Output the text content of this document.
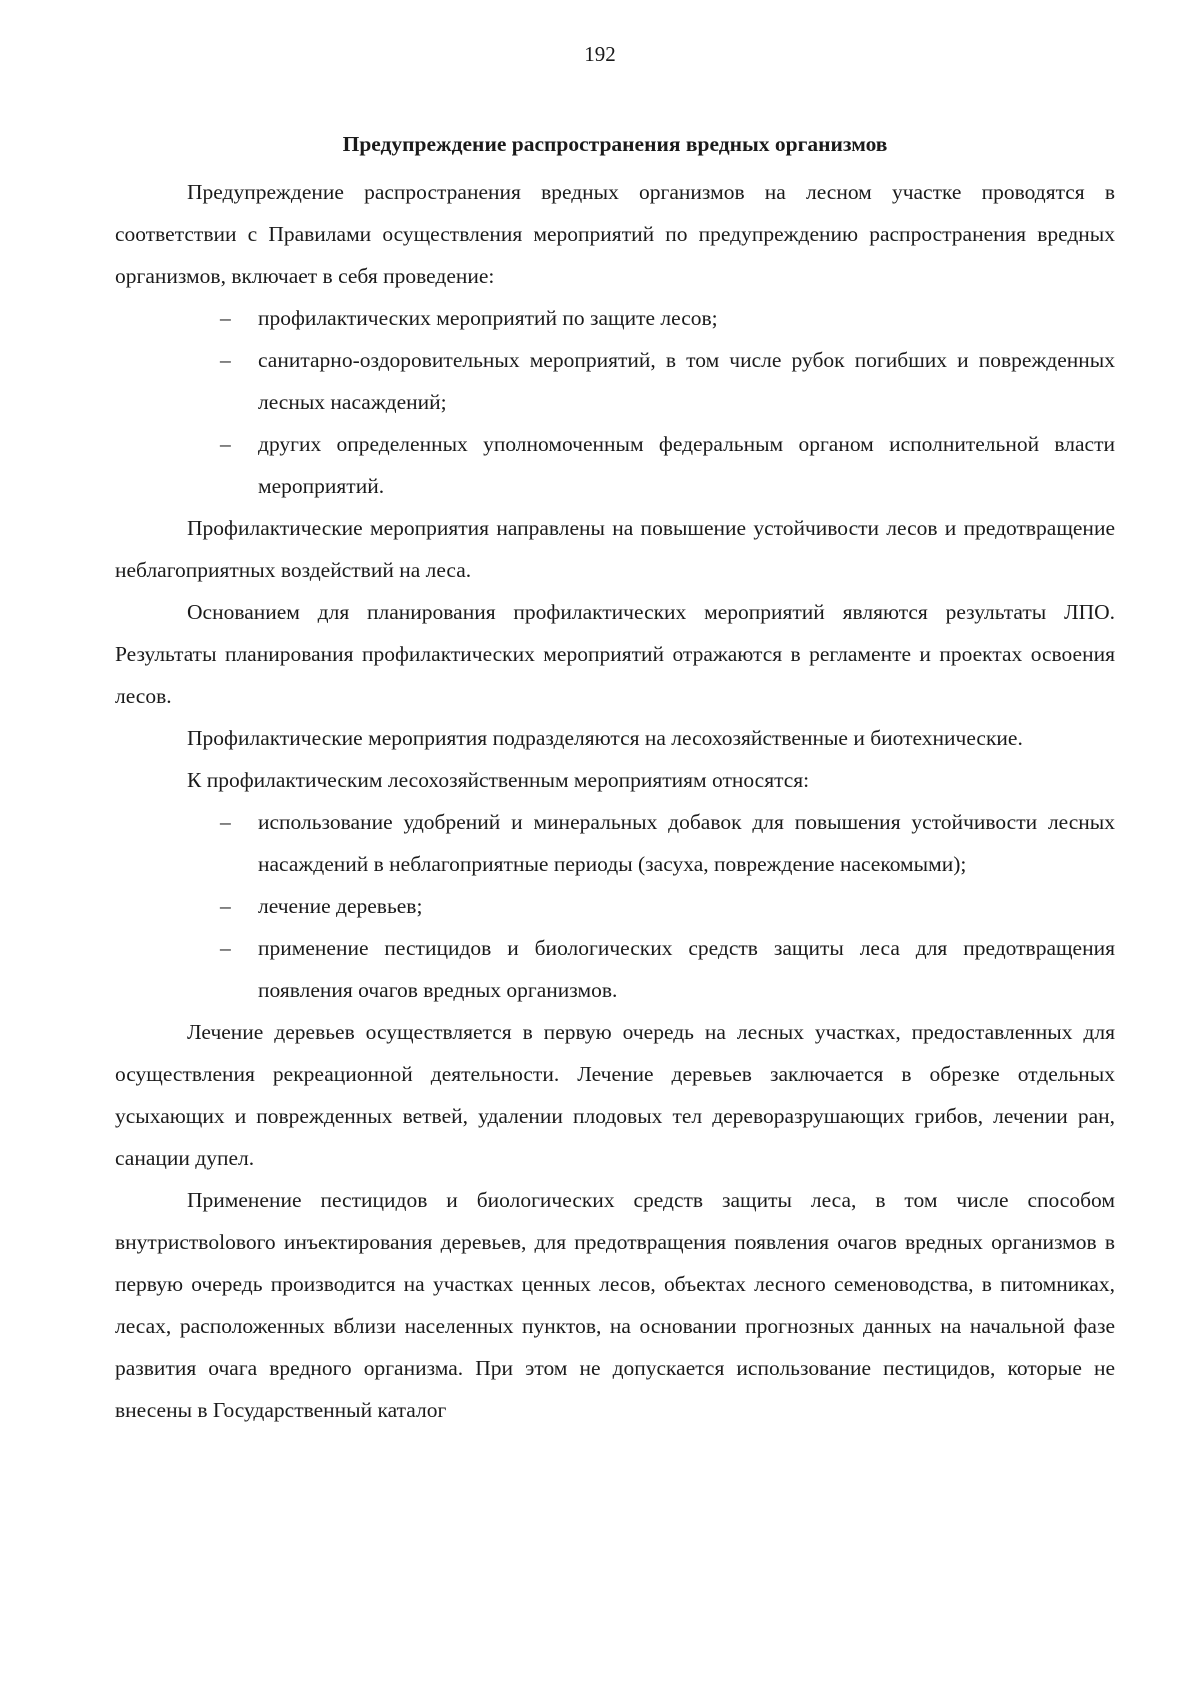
192
Предупреждение распространения вредных организмов

Предупреждение распространения вредных организмов на лесном участке проводятся в соответствии с Правилами осуществления мероприятий по предупреждению распространения вредных организмов, включает в себя проведение:

– профилактических мероприятий по защите лесов;
– санитарно-оздоровительных мероприятий, в том числе рубок погибших и поврежденных лесных насаждений;
– других определенных уполномоченным федеральным органом исполнительной власти мероприятий.

Профилактические мероприятия направлены на повышение устойчивости лесов и предотвращение неблагоприятных воздействий на леса.

Основанием для планирования профилактических мероприятий являются результаты ЛПО. Результаты планирования профилактических мероприятий отражаются в регламенте и проектах освоения лесов.

Профилактические мероприятия подразделяются на лесохозяйственные и биотехнические.

К профилактическим лесохозяйственным мероприятиям относятся:

– использование удобрений и минеральных добавок для повышения устойчивости лесных насаждений в неблагоприятные периоды (засуха, повреждение насекомыми);
– лечение деревьев;
– применение пестицидов и биологических средств защиты леса для предотвращения появления очагов вредных организмов.

Лечение деревьев осуществляется в первую очередь на лесных участках, предоставленных для осуществления рекреационной деятельности. Лечение деревьев заключается в обрезке отдельных усыхающих и поврежденных ветвей, удалении плодовых тел дереворазрушающих грибов, лечении ран, санации дупел.

Применение пестицидов и биологических средств защиты леса, в том числе способом внутриствolового инъектирования деревьев, для предотвращения появления очагов вредных организмов в первую очередь производится на участках ценных лесов, объектах лесного семеноводства, в питомниках, лесах, расположенных вблизи населенных пунктов, на основании прогнозных данных на начальной фазе развития очага вредного организма. При этом не допускается использование пестицидов, которые не внесены в Государственный каталог
